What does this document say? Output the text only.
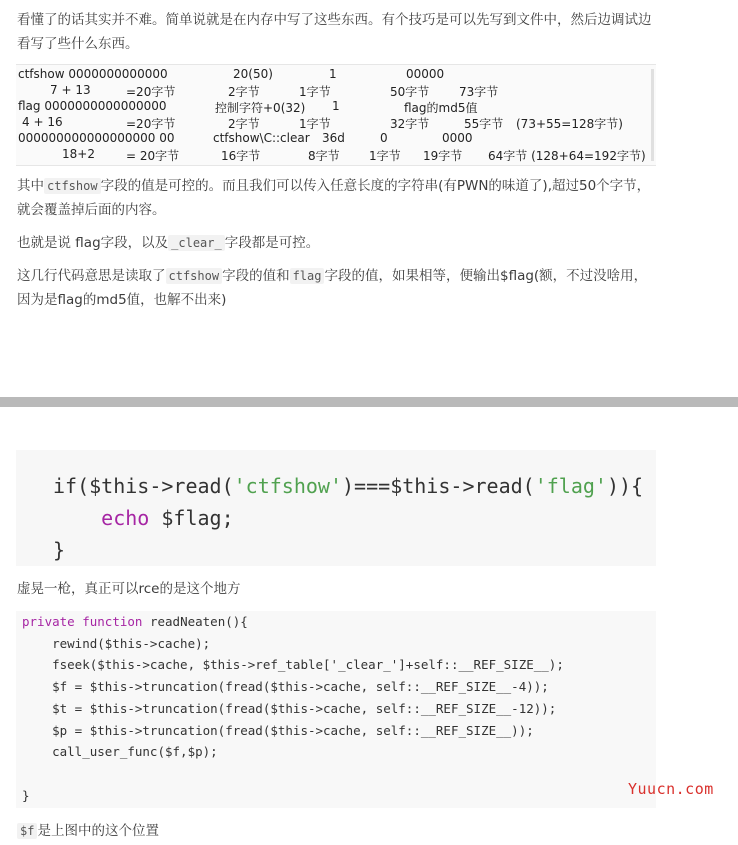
看懂了的话其实并不难。简单说就是在内存中写了这些东西。有个技巧是可以先写到文件中，然后边调试边看写了些什么东西。

ctfshow 0000000000000	20(50)	1	00000
7 + 13	=20字节	2字节	1字节	50字节 73字节
flag 0000000000000000	控制字符+0(32) 1	flag的md5值
4 + 16	=20字节	2字节	1字节	32字节	55字节 (73+55=128字节)
000000000000000000 00	ctfshow\C::clear 36d	0	0000
18+2	= 20字节	16字节	8字节 1字节 19字节 64字节 (128+64=192字节)

其中 ctfshow 字段的值是可控的。而且我们可以传入任意长度的字符串(有PWN的味道了),超过50个字节，就会覆盖掉后面的内容。

也就是说 flag字段，以及 _clear_ 字段都是可控。

这几行代码意思是读取了 ctfshow 字段的值和 flag 字段的值，如果相等，便输出$flag(额，不过没啥用，因为是flag的md5值，也解不出来)

if($this->read('ctfshow')===$this->read('flag')){
echo $flag;
}

虚晃一枪，真正可以rce的是这个地方

private function readNeaten(){
rewind($this->cache);
fseek($this->cache, $this->ref_table['_clear_']+self::__REF_SIZE__);
$f = $this->truncation(fread($this->cache, self::__REF_SIZE__-4));
$t = $this->truncation(fread($this->cache, self::__REF_SIZE__-12));
$p = $this->truncation(fread($this->cache, self::__REF_SIZE__));
call_user_func($f,$p);

}	Yuucn.com

$f 是上图中的这个位置
